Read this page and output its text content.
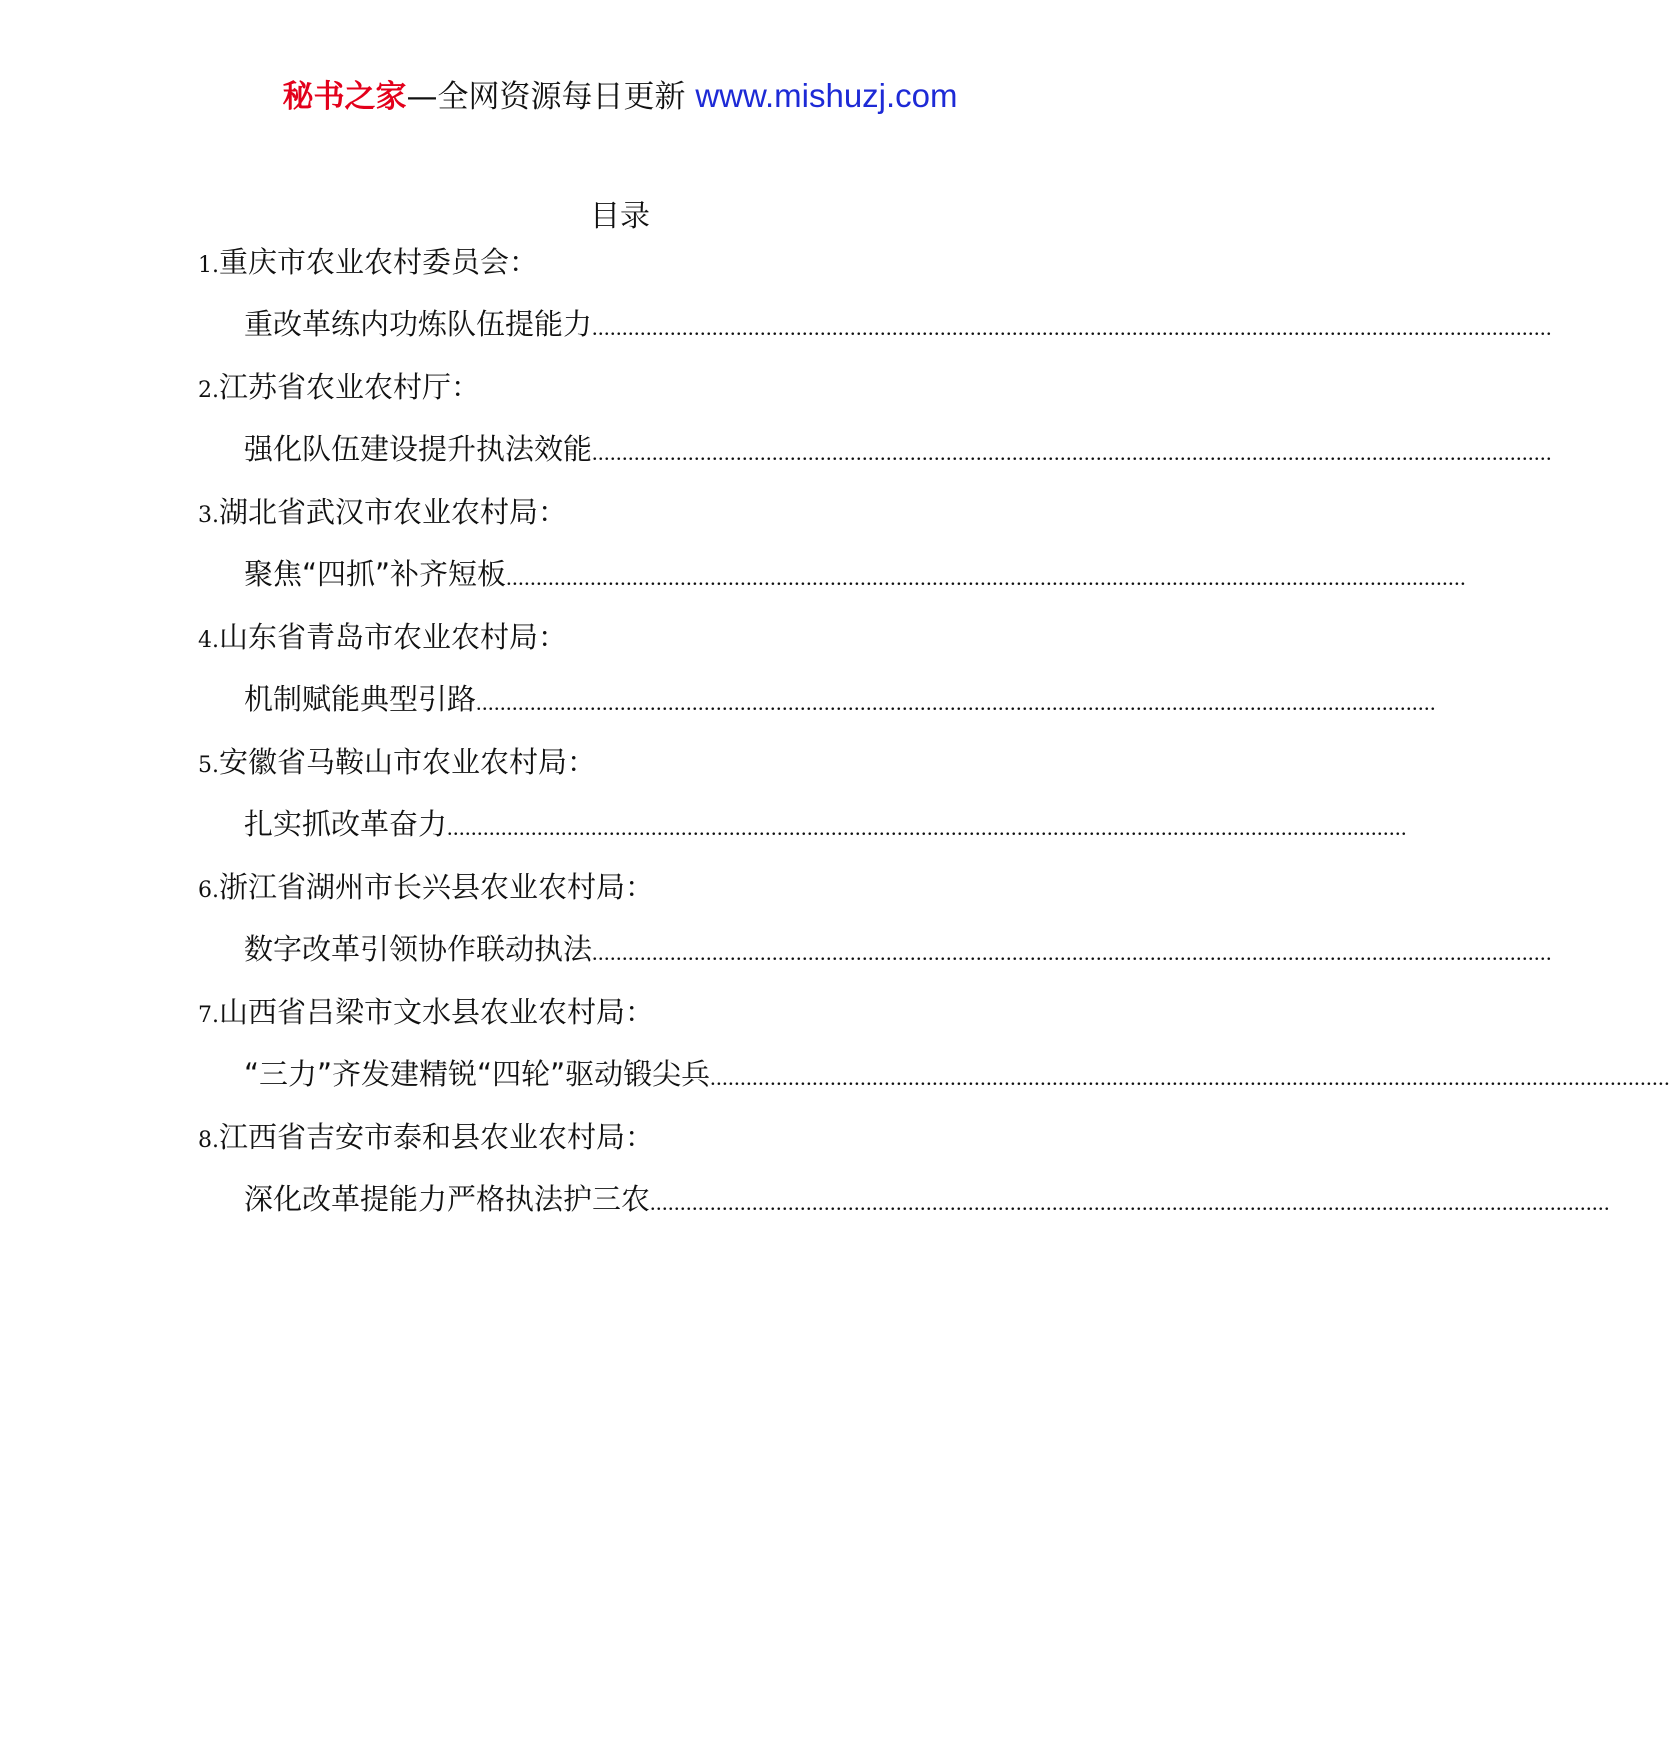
秘书之家—全网资源每日更新 www.mishuzj.com
目录
1.重庆市农业农村委员会：
重改革练内功炼队伍提能力 ................................................................................................................................................................
2.江苏省农业农村厅：
强化队伍建设提升执法效能 ................................................................................................................................................................
3.湖北省武汉市农业农村局：
聚焦“四抓”补齐短板 ................................................................................................................................................................
4.山东省青岛市农业农村局：
机制赋能典型引路 ................................................................................................................................................................
5.安徽省马鞍山市农业农村局：
扎实抓改革奋力 ................................................................................................................................................................
6.浙江省湖州市长兴县农业农村局：
数字改革引领协作联动执法 ................................................................................................................................................................
7.山西省吕梁市文水县农业农村局：
“三力”齐发建精锐“四轮”驱动锻尖兵 ................................................................................................................................................................
8.江西省吉安市泰和县农业农村局：
深化改革提能力严格执法护三农 ................................................................................................................................................................
